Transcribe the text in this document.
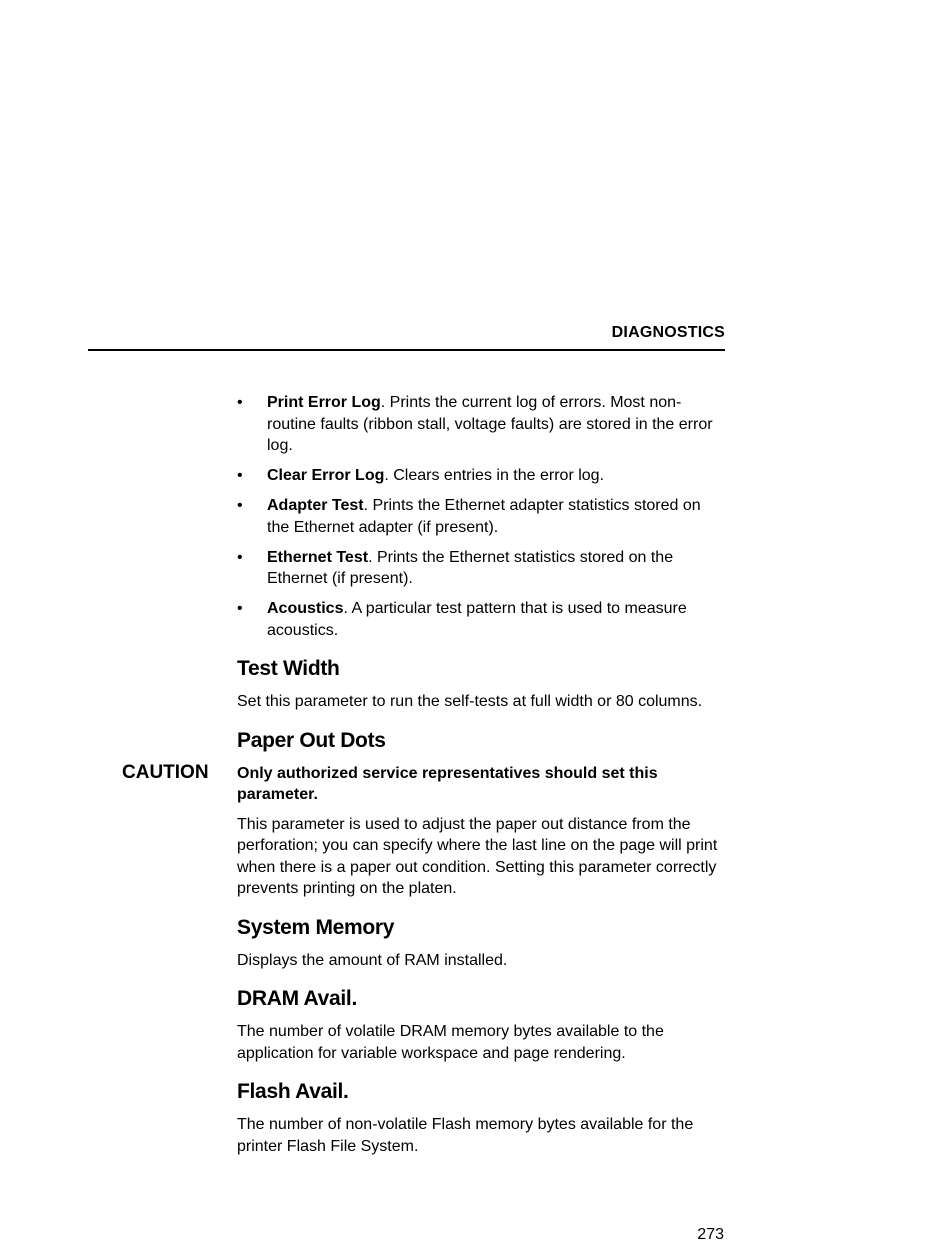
DIAGNOSTICS
• Print Error Log. Prints the current log of errors. Most non-routine faults (ribbon stall, voltage faults) are stored in the error log.
• Clear Error Log. Clears entries in the error log.
• Adapter Test. Prints the Ethernet adapter statistics stored on the Ethernet adapter (if present).
• Ethernet Test. Prints the Ethernet statistics stored on the Ethernet (if present).
• Acoustics. A particular test pattern that is used to measure acoustics.
Test Width

Set this parameter to run the self-tests at full width or 80 columns.

Paper Out Dots
CAUTION	Only authorized service representatives should set this parameter.

This parameter is used to adjust the paper out distance from the perforation; you can specify where the last line on the page will print when there is a paper out condition. Setting this parameter correctly prevents printing on the platen.

System Memory

Displays the amount of RAM installed.

DRAM Avail.

The number of volatile DRAM memory bytes available to the application for variable workspace and page rendering.

Flash Avail.

The number of non-volatile Flash memory bytes available for the printer Flash File System.

273
